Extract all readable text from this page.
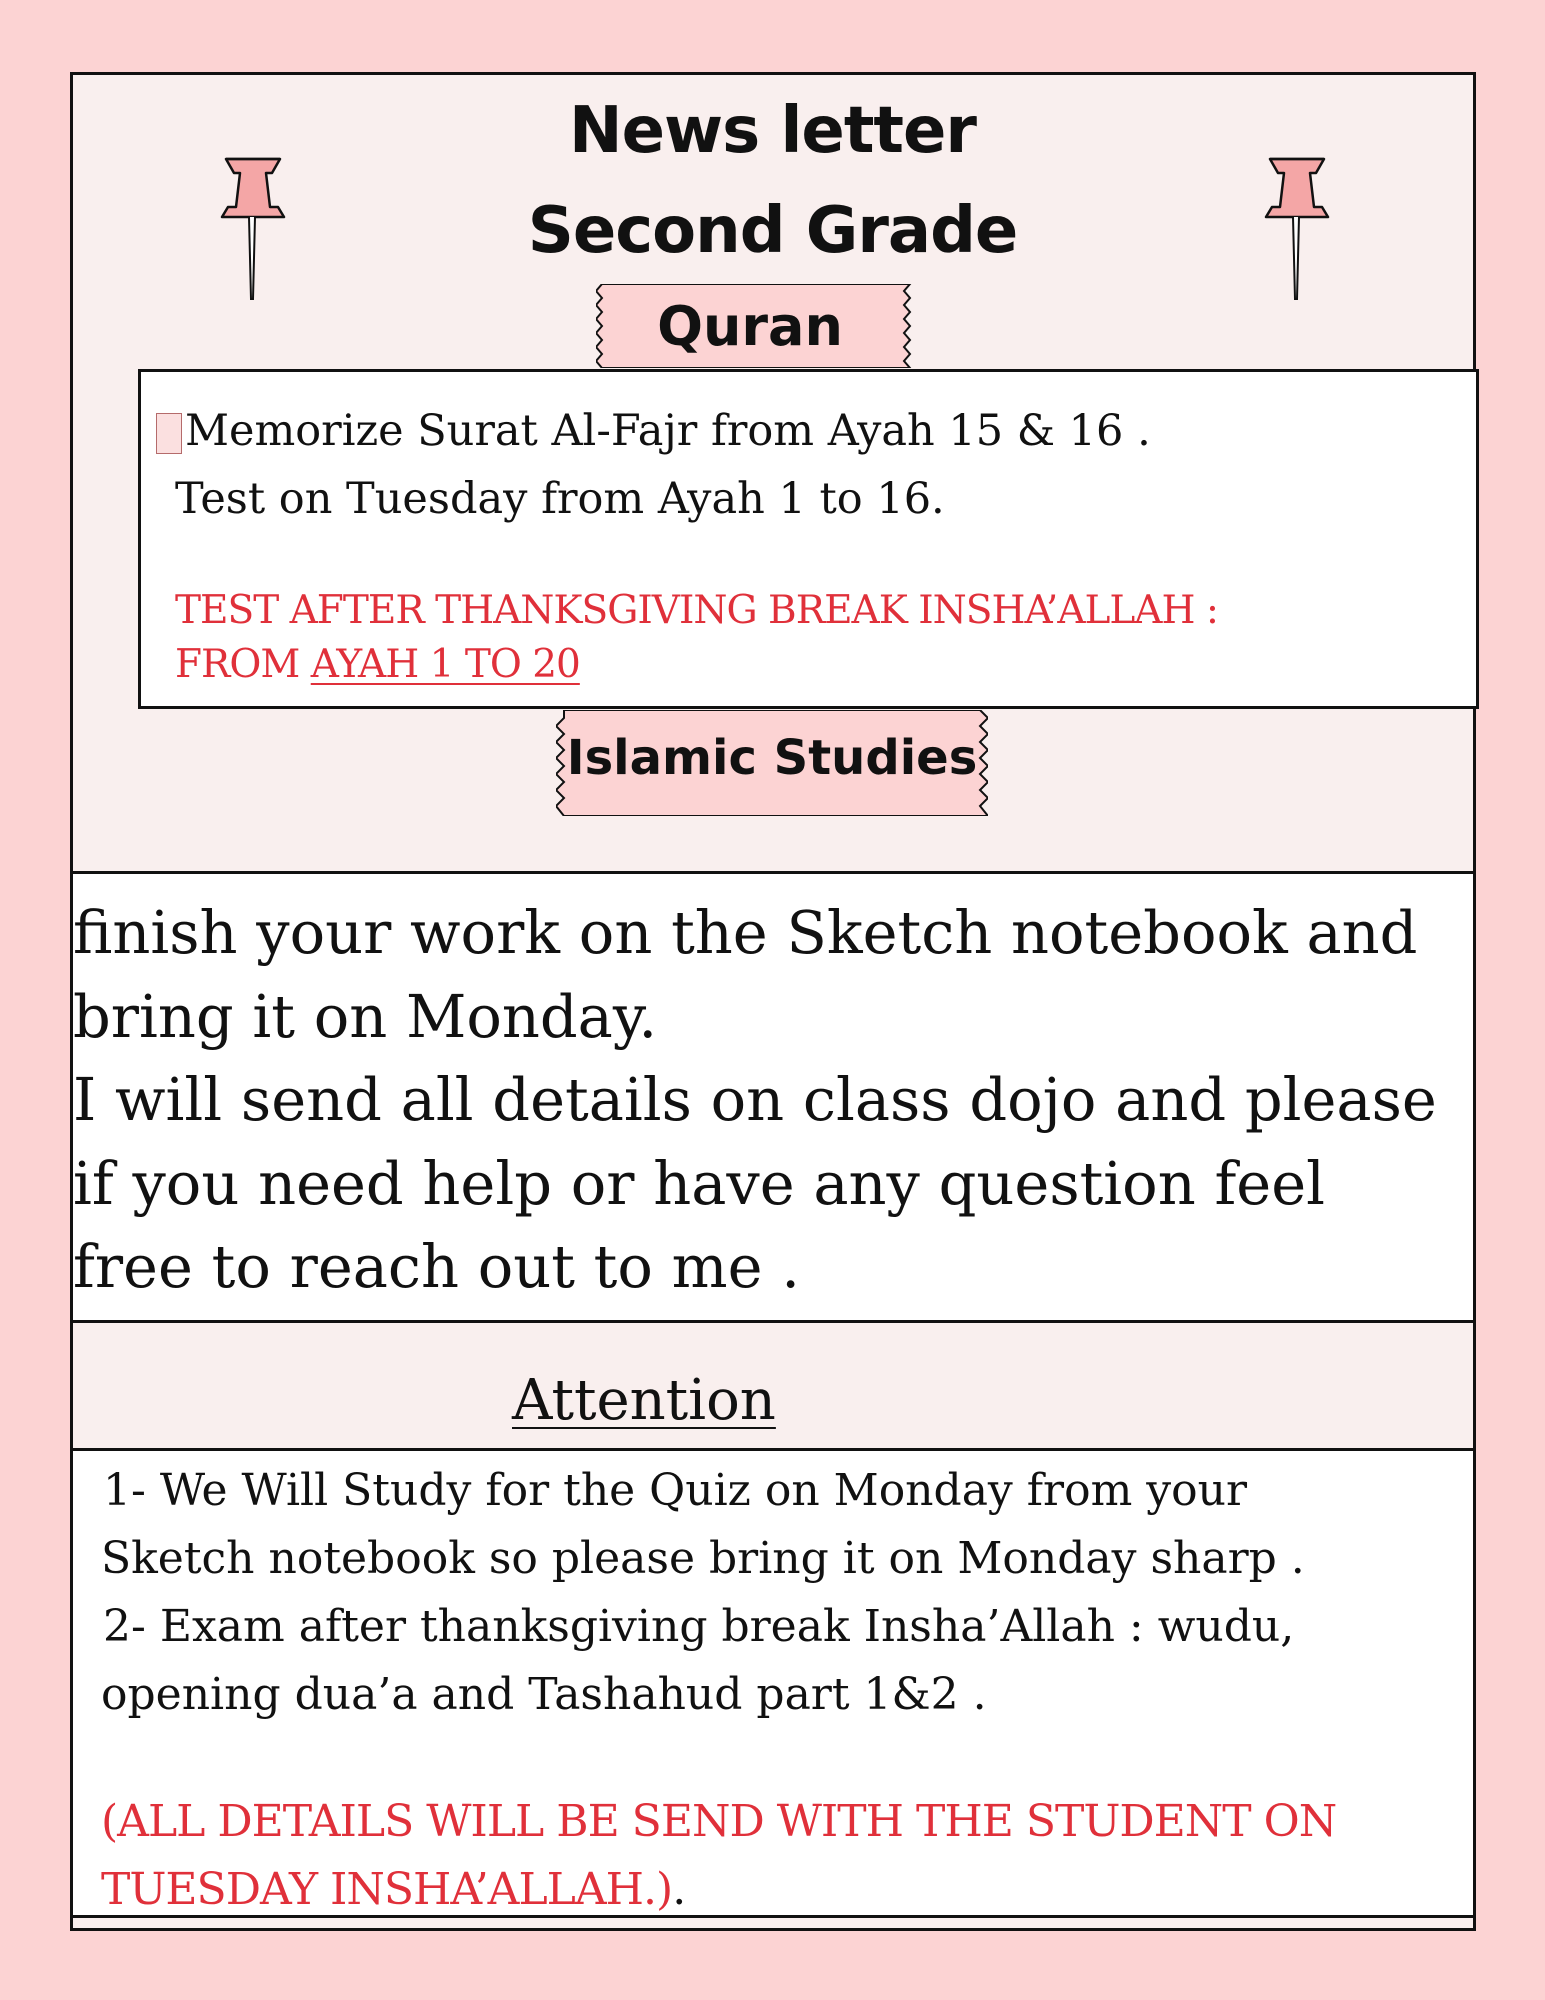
News letter
Second Grade
Quran
Memorize Surat Al-Fajr from Ayah 15 & 16 .
Test on Tuesday from Ayah 1 to 16.
TEST AFTER THANKSGIVING BREAK INSHA’ALLAH :
FROM AYAH 1 TO 20
Islamic Studies
finish your work on the Sketch notebook and
bring it on Monday.
I will send all details on class dojo and please
if you need help or have any question feel
free to reach out to me .
Attention
1- We Will Study for the Quiz on Monday from your
Sketch notebook so please bring it on Monday sharp .
2- Exam after thanksgiving break Insha’Allah : wudu,
opening dua’a and Tashahud part 1&2 .
(ALL DETAILS WILL BE SEND WITH THE STUDENT ON
TUESDAY INSHA’ALLAH.).
